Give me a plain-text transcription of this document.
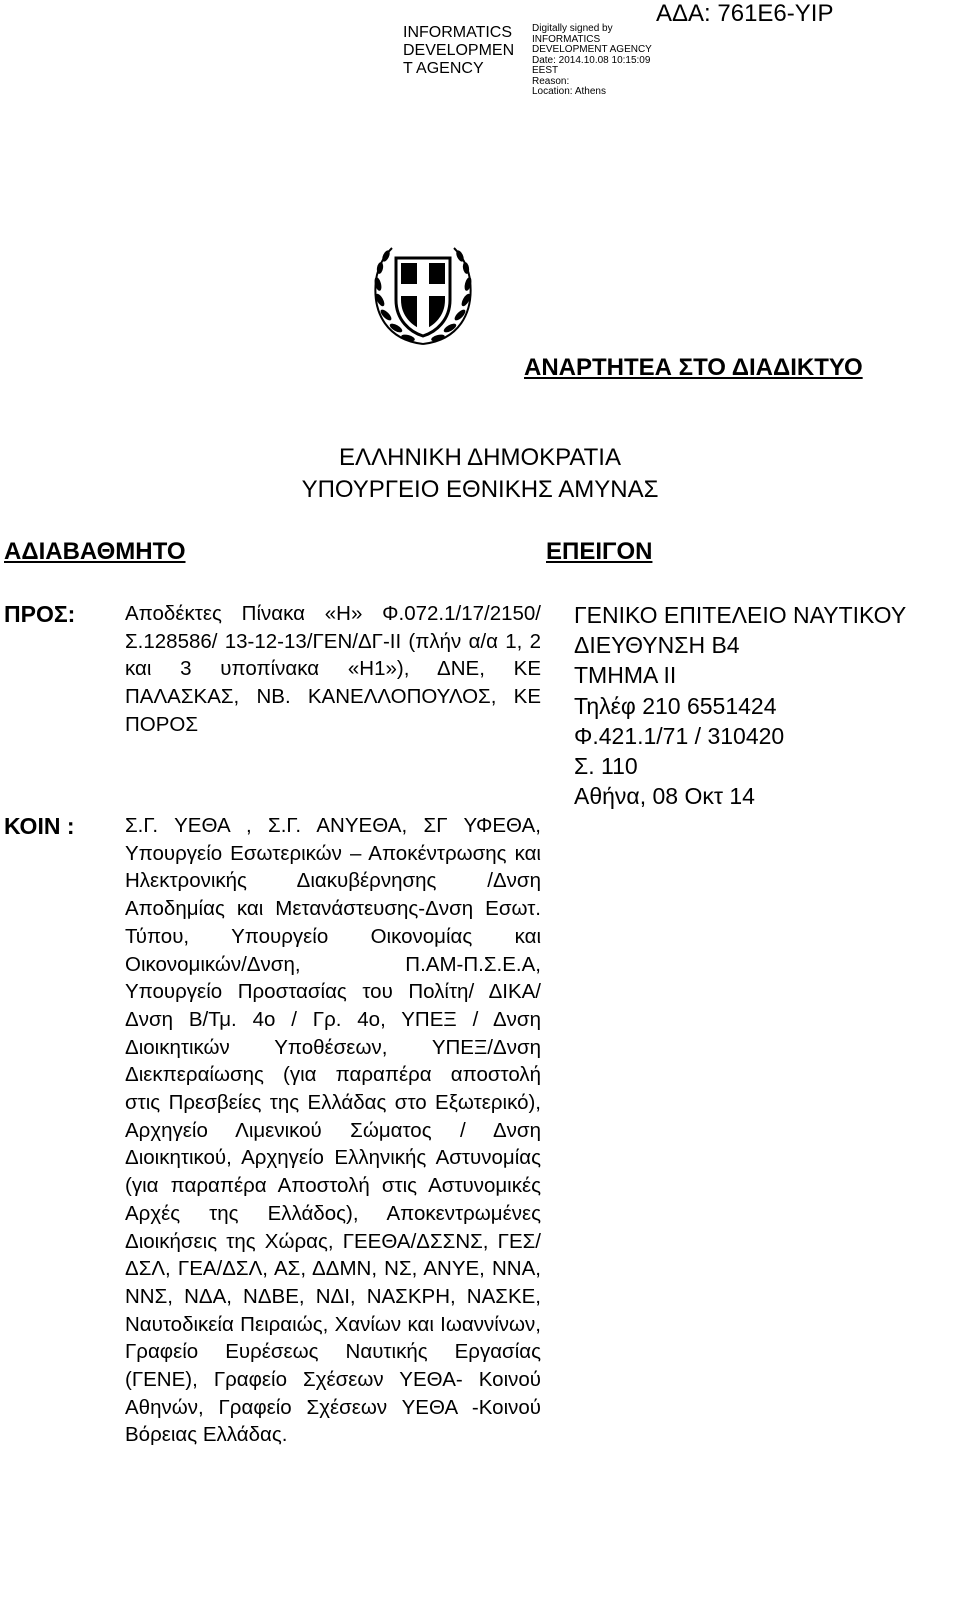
INFORMATICS DEVELOPMEN T AGENCY
Digitally signed by
INFORMATICS
DEVELOPMENT AGENCY
Date: 2014.10.08 10:15:09
EEST
Reason:
Location: Athens
ΑΔΑ: 761Ε6-ΥΙΡ
ΑΝΑΡΤΗΤΕΑ ΣΤΟ ΔΙΑΔΙΚΤΥΟ
ΕΛΛΗΝΙΚΗ ΔΗΜΟΚΡΑΤΙΑ
ΥΠΟΥΡΓΕΙΟ ΕΘΝΙΚΗΣ ΑΜΥΝΑΣ
ΑΔΙΑΒΑΘΜΗΤΟ	ΕΠΕΙΓΟΝ
ΠΡΟΣ: Αποδέκτες Πίνακα «Η» Φ.072.1/17/2150/Σ.128586/ 13-12-13/ΓΕΝ/ΔΓ-ΙΙ (πλήν α/α 1, 2 και 3 υποπίνακα «Η1»), ΔΝΕ, ΚΕ ΠΑΛΑΣΚΑΣ, ΝΒ. ΚΑΝΕΛΛΟΠΟΥΛΟΣ, ΚΕ ΠΟΡΟΣ
ΚΟΙΝ : Σ.Γ. ΥΕΘΑ , Σ.Γ. ΑΝΥΕΘΑ, ΣΓ ΥΦΕΘΑ, Υπουργείο Εσωτερικών – Αποκέντρωσης και Ηλεκτρονικής Διακυβέρνησης /Δνση Αποδημίας και Μετανάστευσης-Δνση Εσωτ. Τύπου, Υπουργείο Οικονομίας και Οικονομικών/Δνση, Π.ΑΜ-Π.Σ.Ε.Α, Υπουργείο Προστασίας του Πολίτη/ ΔΙΚΑ/Δνση Β/Τμ. 4ο / Γρ. 4ο, ΥΠΕΞ / Δνση Διοικητικών Υποθέσεων, ΥΠΕΞ/Δνση Διεκπεραίωσης (για παραπέρα αποστολή στις Πρεσβείες της Ελλάδας στο Εξωτερικό), Αρχηγείο Λιμενικού Σώματος / Δνση Διοικητικού, Αρχηγείο Ελληνικής Αστυνομίας (για παραπέρα Αποστολή στις Αστυνομικές Αρχές της Ελλάδος), Αποκεντρωμένες Διοικήσεις της Χώρας, ΓΕΕΘΑ/ΔΣΣΝΣ, ΓΕΣ/ΔΣΛ, ΓΕΑ/ΔΣΛ, ΑΣ, ΔΔΜΝ, ΝΣ, ΑΝΥΕ, ΝΝΑ, ΝΝΣ, ΝΔΑ, ΝΔΒΕ, ΝΔΙ, ΝΑΣΚΡΗ, ΝΑΣΚΕ, Ναυτοδικεία Πειραιώς, Χανίων και Ιωαννίνων, Γραφείο Ευρέσεως Ναυτικής Εργασίας (ΓΕΝΕ), Γραφείο Σχέσεων ΥΕΘΑ- Κοινού Αθηνών, Γραφείο Σχέσεων ΥΕΘΑ -Κοινού Βόρειας Ελλάδας.
ΓΕΝΙΚΟ ΕΠΙΤΕΛΕΙΟ ΝΑΥΤΙΚΟΥ
ΔΙΕΥΘΥΝΣΗ Β4
ΤΜΗΜΑ ΙΙ
Τηλέφ 210 6551424
Φ.421.1/71 / 310420
Σ. 110
Αθήνα, 08 Οκτ 14
